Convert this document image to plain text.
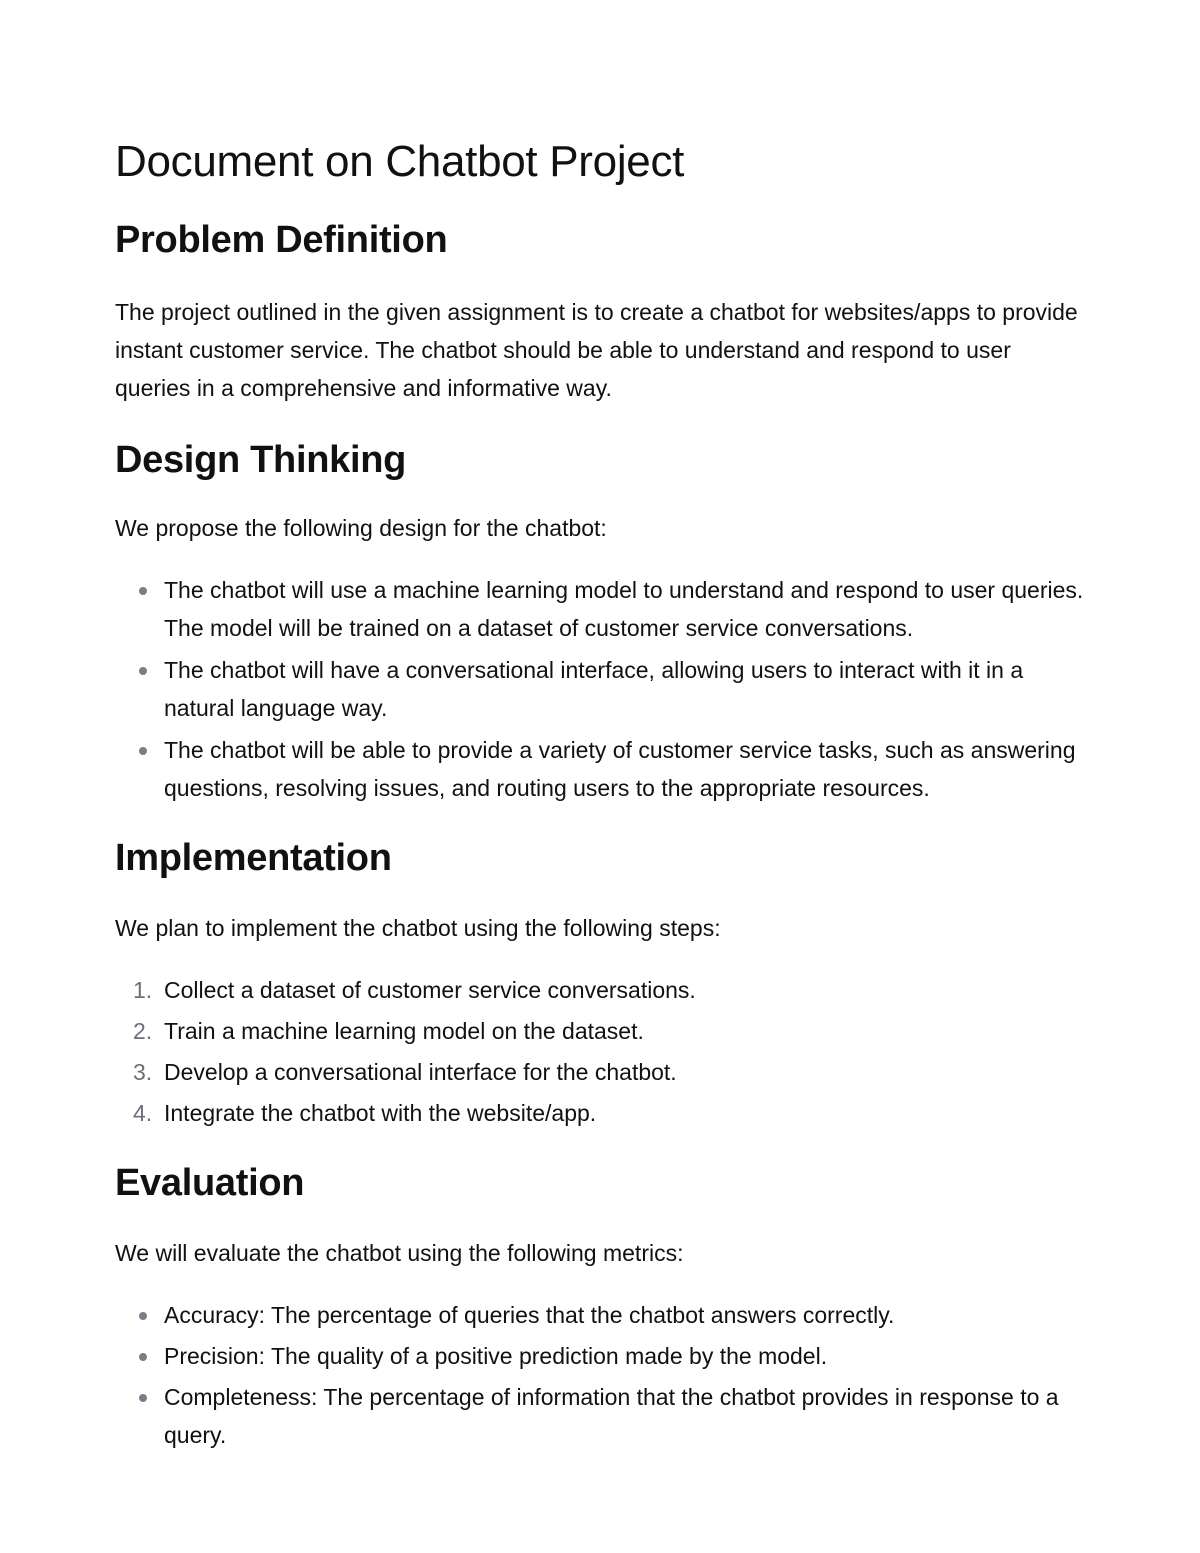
Document on Chatbot Project
Problem Definition

The project outlined in the given assignment is to create a chatbot for websites/apps to provide instant customer service. The chatbot should be able to understand and respond to user queries in a comprehensive and informative way.

Design Thinking

We propose the following design for the chatbot:

The chatbot will use a machine learning model to understand and respond to user queries. The model will be trained on a dataset of customer service conversations.
The chatbot will have a conversational interface, allowing users to interact with it in a natural language way.
The chatbot will be able to provide a variety of customer service tasks, such as answering questions, resolving issues, and routing users to the appropriate resources.
Implementation

We plan to implement the chatbot using the following steps:

1. Collect a dataset of customer service conversations.
2. Train a machine learning model on the dataset.
3. Develop a conversational interface for the chatbot.
4. Integrate the chatbot with the website/app.
Evaluation

We will evaluate the chatbot using the following metrics:

Accuracy: The percentage of queries that the chatbot answers correctly.
Precision: The quality of a positive prediction made by the model.
Completeness: The percentage of information that the chatbot provides in response to a query.
